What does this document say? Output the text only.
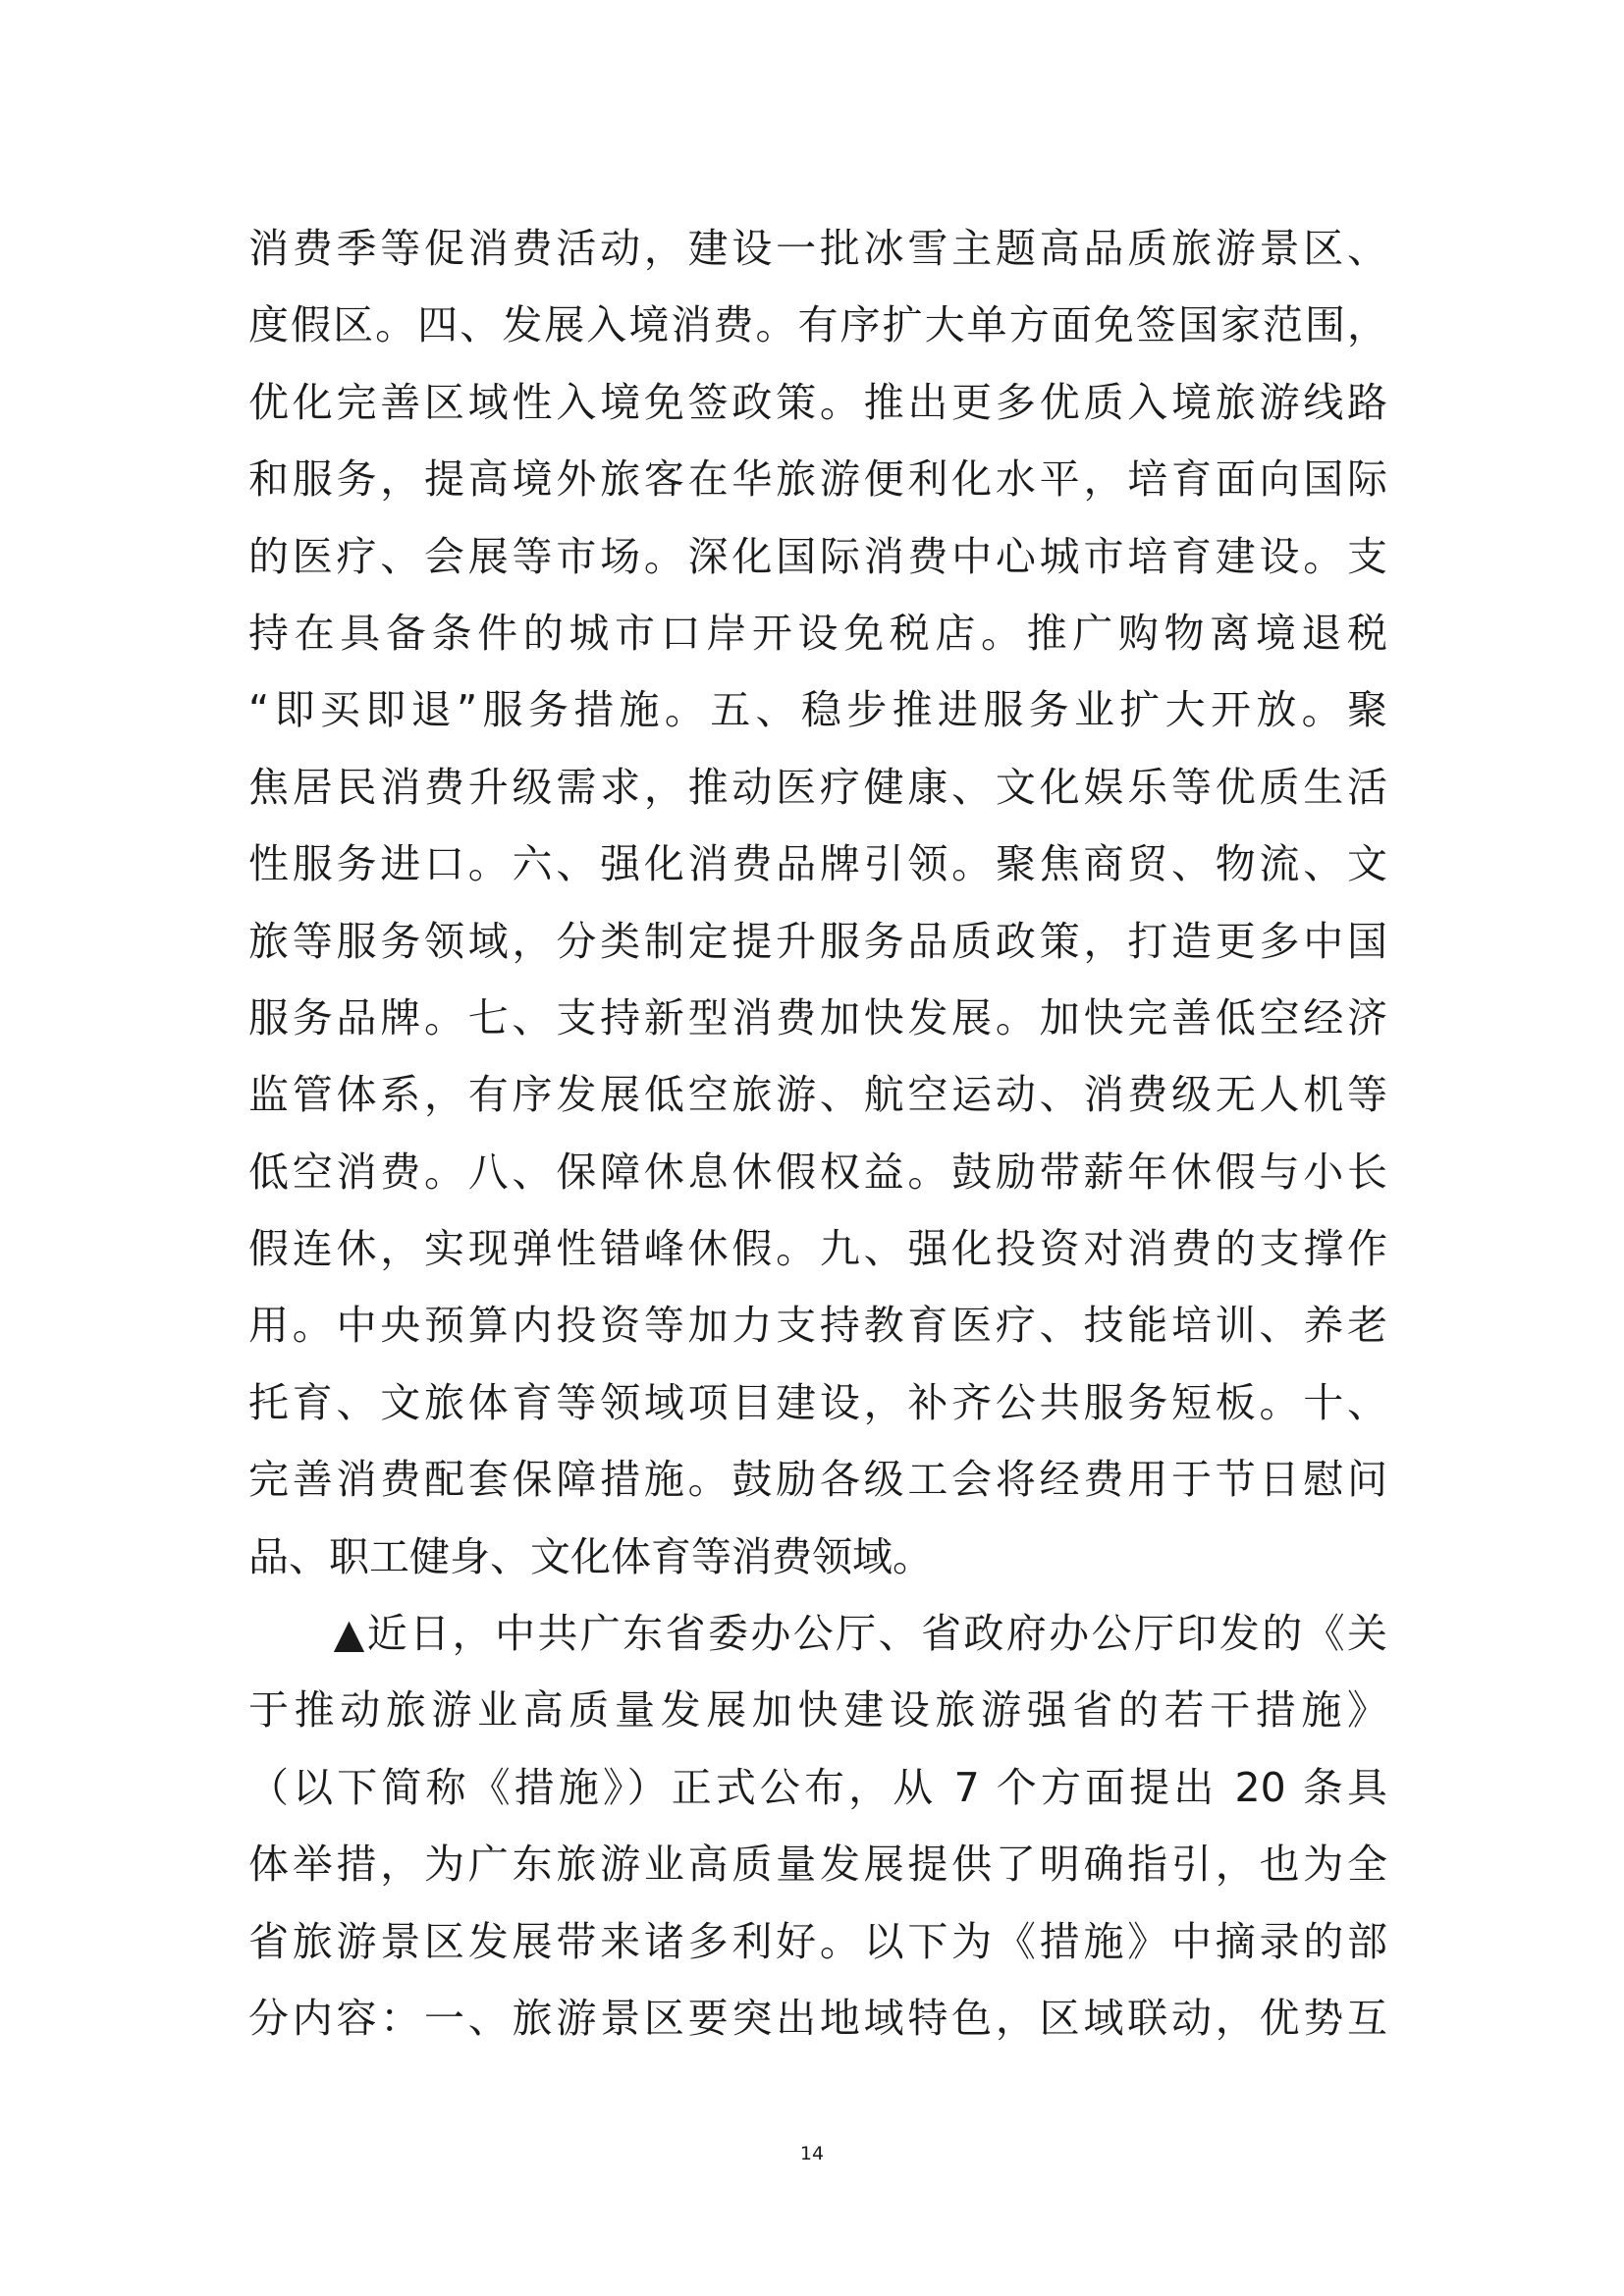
消费季等促消费活动，建设一批冰雪主题高品质旅游景区、
度假区。四、发展入境消费。有序扩大单方面免签国家范围，
优化完善区域性入境免签政策。推出更多优质入境旅游线路
和服务，提高境外旅客在华旅游便利化水平，培育面向国际
的医疗、会展等市场。深化国际消费中心城市培育建设。支
持在具备条件的城市口岸开设免税店。推广购物离境退税
“即买即退”服务措施。五、稳步推进服务业扩大开放。聚
焦居民消费升级需求，推动医疗健康、文化娱乐等优质生活
性服务进口。六、强化消费品牌引领。聚焦商贸、物流、文
旅等服务领域，分类制定提升服务品质政策，打造更多中国
服务品牌。七、支持新型消费加快发展。加快完善低空经济
监管体系，有序发展低空旅游、航空运动、消费级无人机等
低空消费。八、保障休息休假权益。鼓励带薪年休假与小长
假连休，实现弹性错峰休假。九、强化投资对消费的支撑作
用。中央预算内投资等加力支持教育医疗、技能培训、养老
托育、文旅体育等领域项目建设，补齐公共服务短板。十、
完善消费配套保障措施。鼓励各级工会将经费用于节日慰问
品、职工健身、文化体育等消费领域。
　　▲近日，中共广东省委办公厅、省政府办公厅印发的《关
于推动旅游业高质量发展加快建设旅游强省的若干措施》
（以下简称《措施》）正式公布，从 7 个方面提出 20 条具
体举措，为广东旅游业高质量发展提供了明确指引，也为全
省旅游景区发展带来诸多利好。以下为《措施》中摘录的部
分内容：一、旅游景区要突出地域特色，区域联动，优势互
14
